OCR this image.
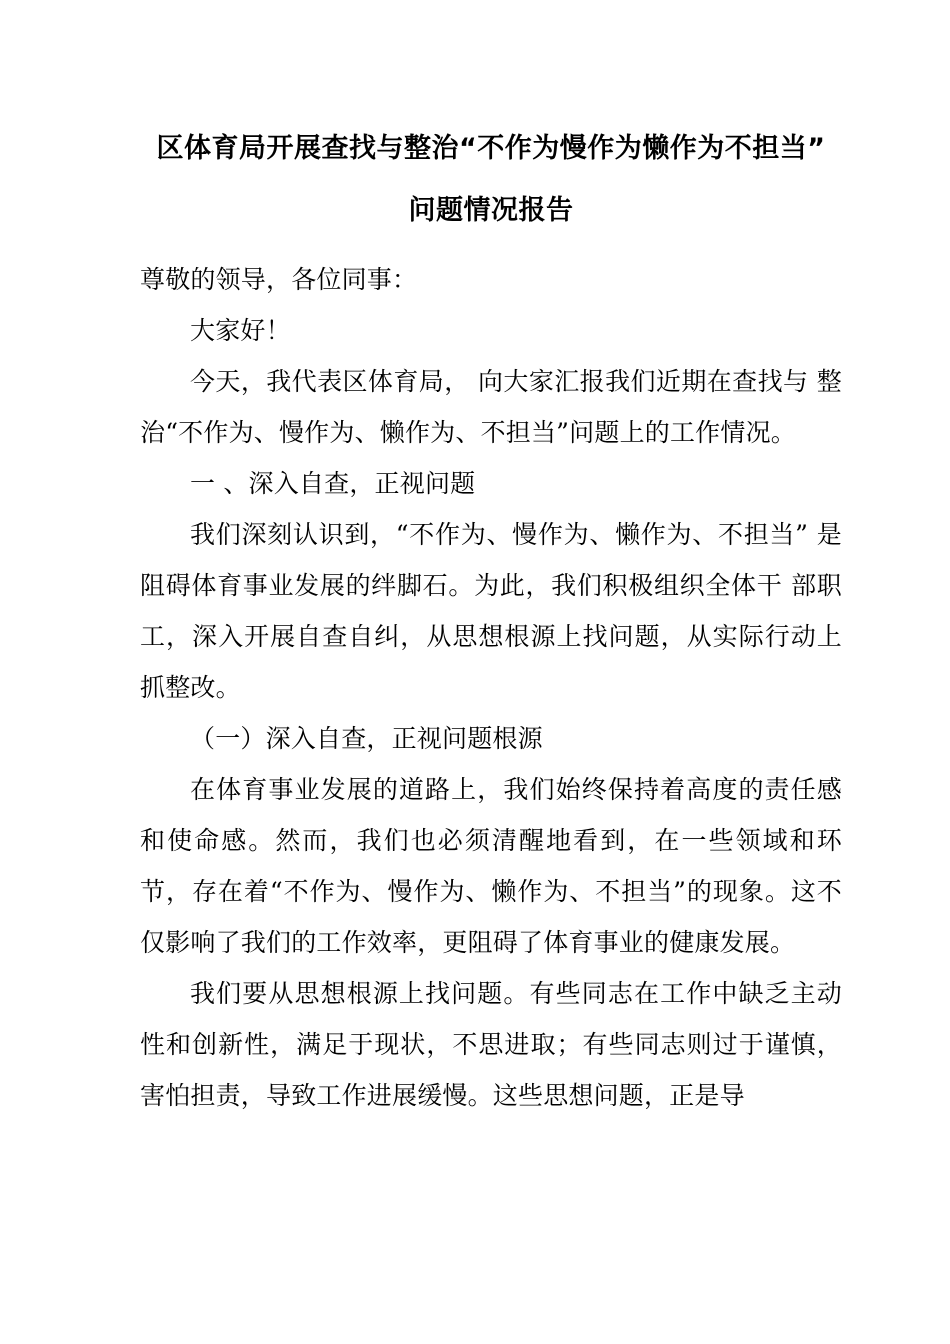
区体育局开展查找与整治“不作为慢作为懒作为不担当”问题情况报告

尊敬的领导，各位同事：

大家好！

今天，我代表区体育局， 向大家汇报我们近期在查找与 整治“不作为、慢作为、懒作为、不担当”问题上的工作情况。

一 、深入自查，正视问题

我们深刻认识到，“不作为、慢作为、懒作为、不担当” 是阻碍体育事业发展的绊脚石。为此，我们积极组织全体干 部职工，深入开展自查自纠，从思想根源上找问题，从实际行动上抓整改。

（一）深入自查，正视问题根源

在体育事业发展的道路上，我们始终保持着高度的责任感和使命感。然而，我们也必须清醒地看到，在一些领域和环节，存在着“不作为、慢作为、懒作为、不担当”的现象。这不仅影响了我们的工作效率，更阻碍了体育事业的健康发展。

我们要从思想根源上找问题。有些同志在工作中缺乏主动性和创新性，满足于现状，不思进取；有些同志则过于谨慎，害怕担责，导致工作进展缓慢。这些思想问题，正是导
